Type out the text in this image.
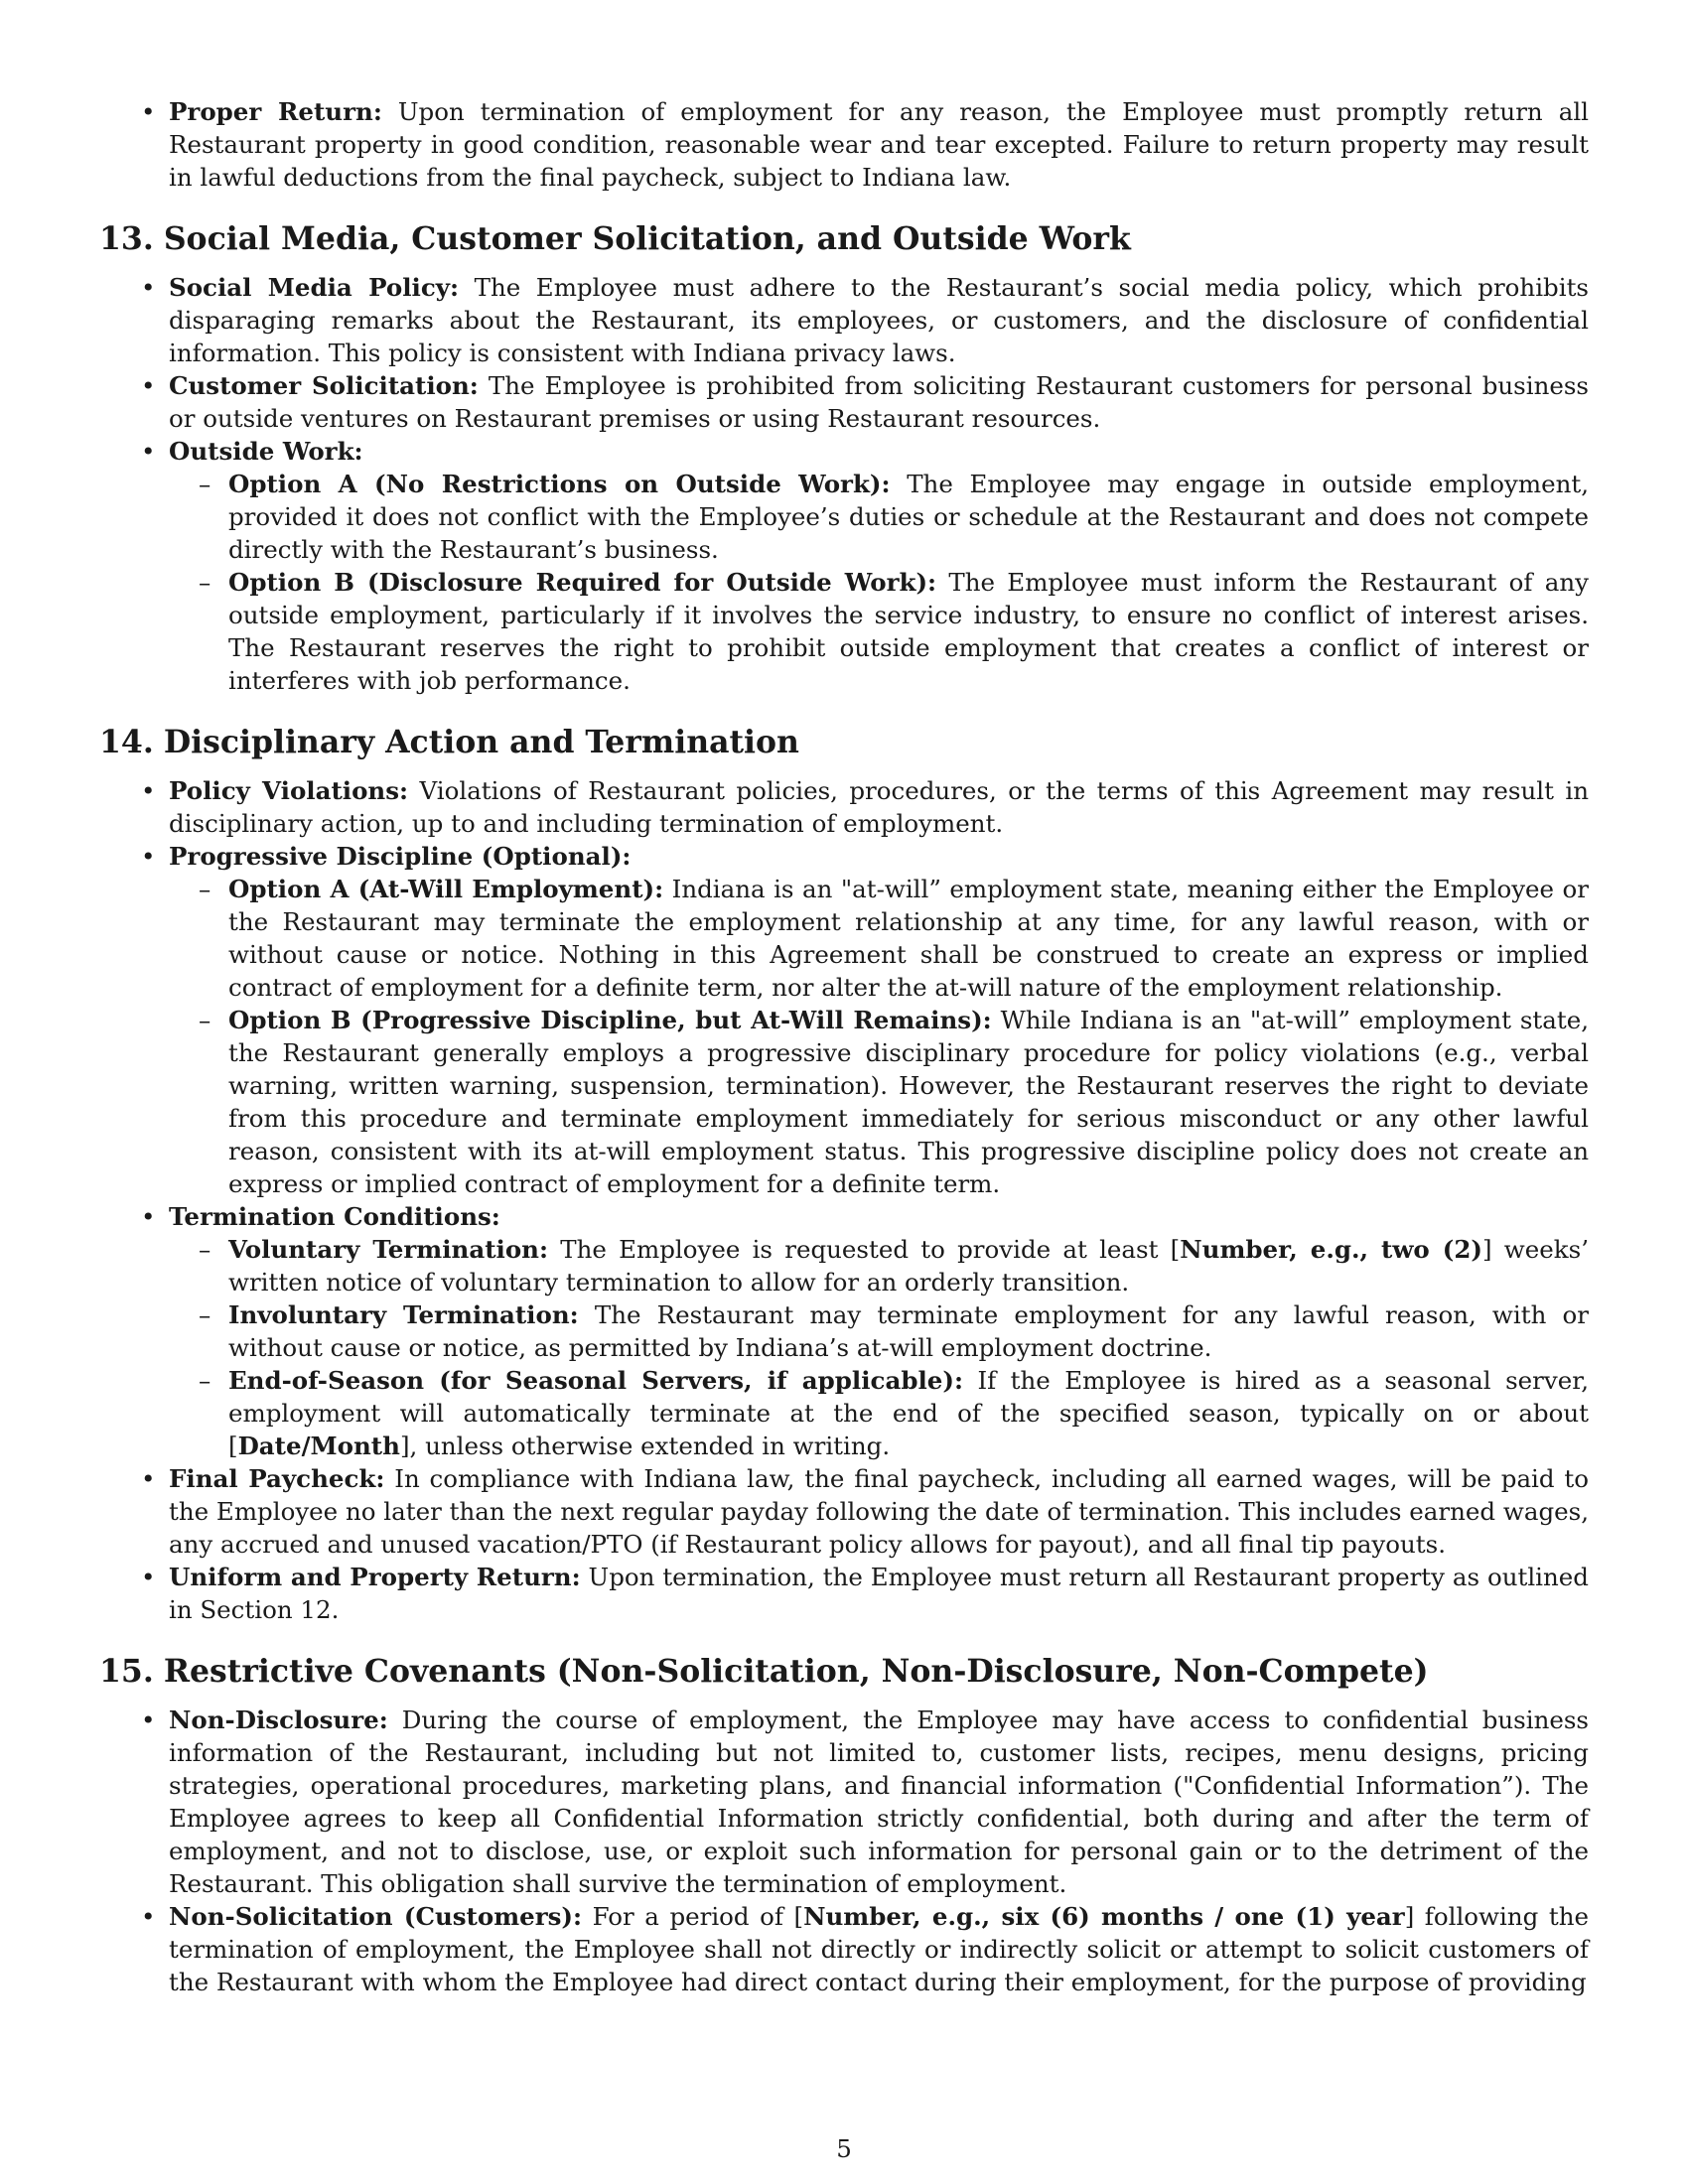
• Proper Return: Upon termination of employment for any reason, the Employee must promptly return all Restaurant property in good condition, reasonable wear and tear excepted. Failure to return property may result in lawful deductions from the final paycheck, subject to Indiana law.
13. Social Media, Customer Solicitation, and Outside Work
• Social Media Policy: The Employee must adhere to the Restaurant’s social media policy, which prohibits disparaging remarks about the Restaurant, its employees, or customers, and the disclosure of confidential information. This policy is consistent with Indiana privacy laws.
• Customer Solicitation: The Employee is prohibited from soliciting Restaurant customers for personal business or outside ventures on Restaurant premises or using Restaurant resources.
• Outside Work:
– Option A (No Restrictions on Outside Work): The Employee may engage in outside employment, provided it does not conflict with the Employee’s duties or schedule at the Restaurant and does not compete directly with the Restaurant’s business.
– Option B (Disclosure Required for Outside Work): The Employee must inform the Restaurant of any outside employment, particularly if it involves the service industry, to ensure no conflict of interest arises. The Restaurant reserves the right to prohibit outside employment that creates a conflict of interest or interferes with job performance.
14. Disciplinary Action and Termination
• Policy Violations: Violations of Restaurant policies, procedures, or the terms of this Agreement may result in disciplinary action, up to and including termination of employment.
• Progressive Discipline (Optional):
– Option A (At-Will Employment): Indiana is an "at-will” employment state, meaning either the Employee or the Restaurant may terminate the employment relationship at any time, for any lawful reason, with or without cause or notice. Nothing in this Agreement shall be construed to create an express or implied contract of employment for a definite term, nor alter the at-will nature of the employment relationship.
– Option B (Progressive Discipline, but At-Will Remains): While Indiana is an "at-will” employment state, the Restaurant generally employs a progressive disciplinary procedure for policy violations (e.g., verbal warning, written warning, suspension, termination). However, the Restaurant reserves the right to deviate from this procedure and terminate employment immediately for serious misconduct or any other lawful reason, consistent with its at-will employment status. This progressive discipline policy does not create an express or implied contract of employment for a definite term.
• Termination Conditions:
– Voluntary Termination: The Employee is requested to provide at least [Number, e.g., two (2)] weeks’ written notice of voluntary termination to allow for an orderly transition.
– Involuntary Termination: The Restaurant may terminate employment for any lawful reason, with or without cause or notice, as permitted by Indiana’s at-will employment doctrine.
– End-of-Season (for Seasonal Servers, if applicable): If the Employee is hired as a seasonal server, employment will automatically terminate at the end of the specified season, typically on or about [Date/Month], unless otherwise extended in writing.
• Final Paycheck: In compliance with Indiana law, the final paycheck, including all earned wages, will be paid to the Employee no later than the next regular payday following the date of termination. This includes earned wages, any accrued and unused vacation/PTO (if Restaurant policy allows for payout), and all final tip payouts.
• Uniform and Property Return: Upon termination, the Employee must return all Restaurant property as outlined in Section 12.
15. Restrictive Covenants (Non-Solicitation, Non-Disclosure, Non-Compete)
• Non-Disclosure: During the course of employment, the Employee may have access to confidential business information of the Restaurant, including but not limited to, customer lists, recipes, menu designs, pricing strategies, operational procedures, marketing plans, and financial information ("Confidential Information”). The Employee agrees to keep all Confidential Information strictly confidential, both during and after the term of employment, and not to disclose, use, or exploit such information for personal gain or to the detriment of the Restaurant. This obligation shall survive the termination of employment.
• Non-Solicitation (Customers): For a period of [Number, e.g., six (6) months / one (1) year] following the termination of employment, the Employee shall not directly or indirectly solicit or attempt to solicit customers of the Restaurant with whom the Employee had direct contact during their employment, for the purpose of providing
5
